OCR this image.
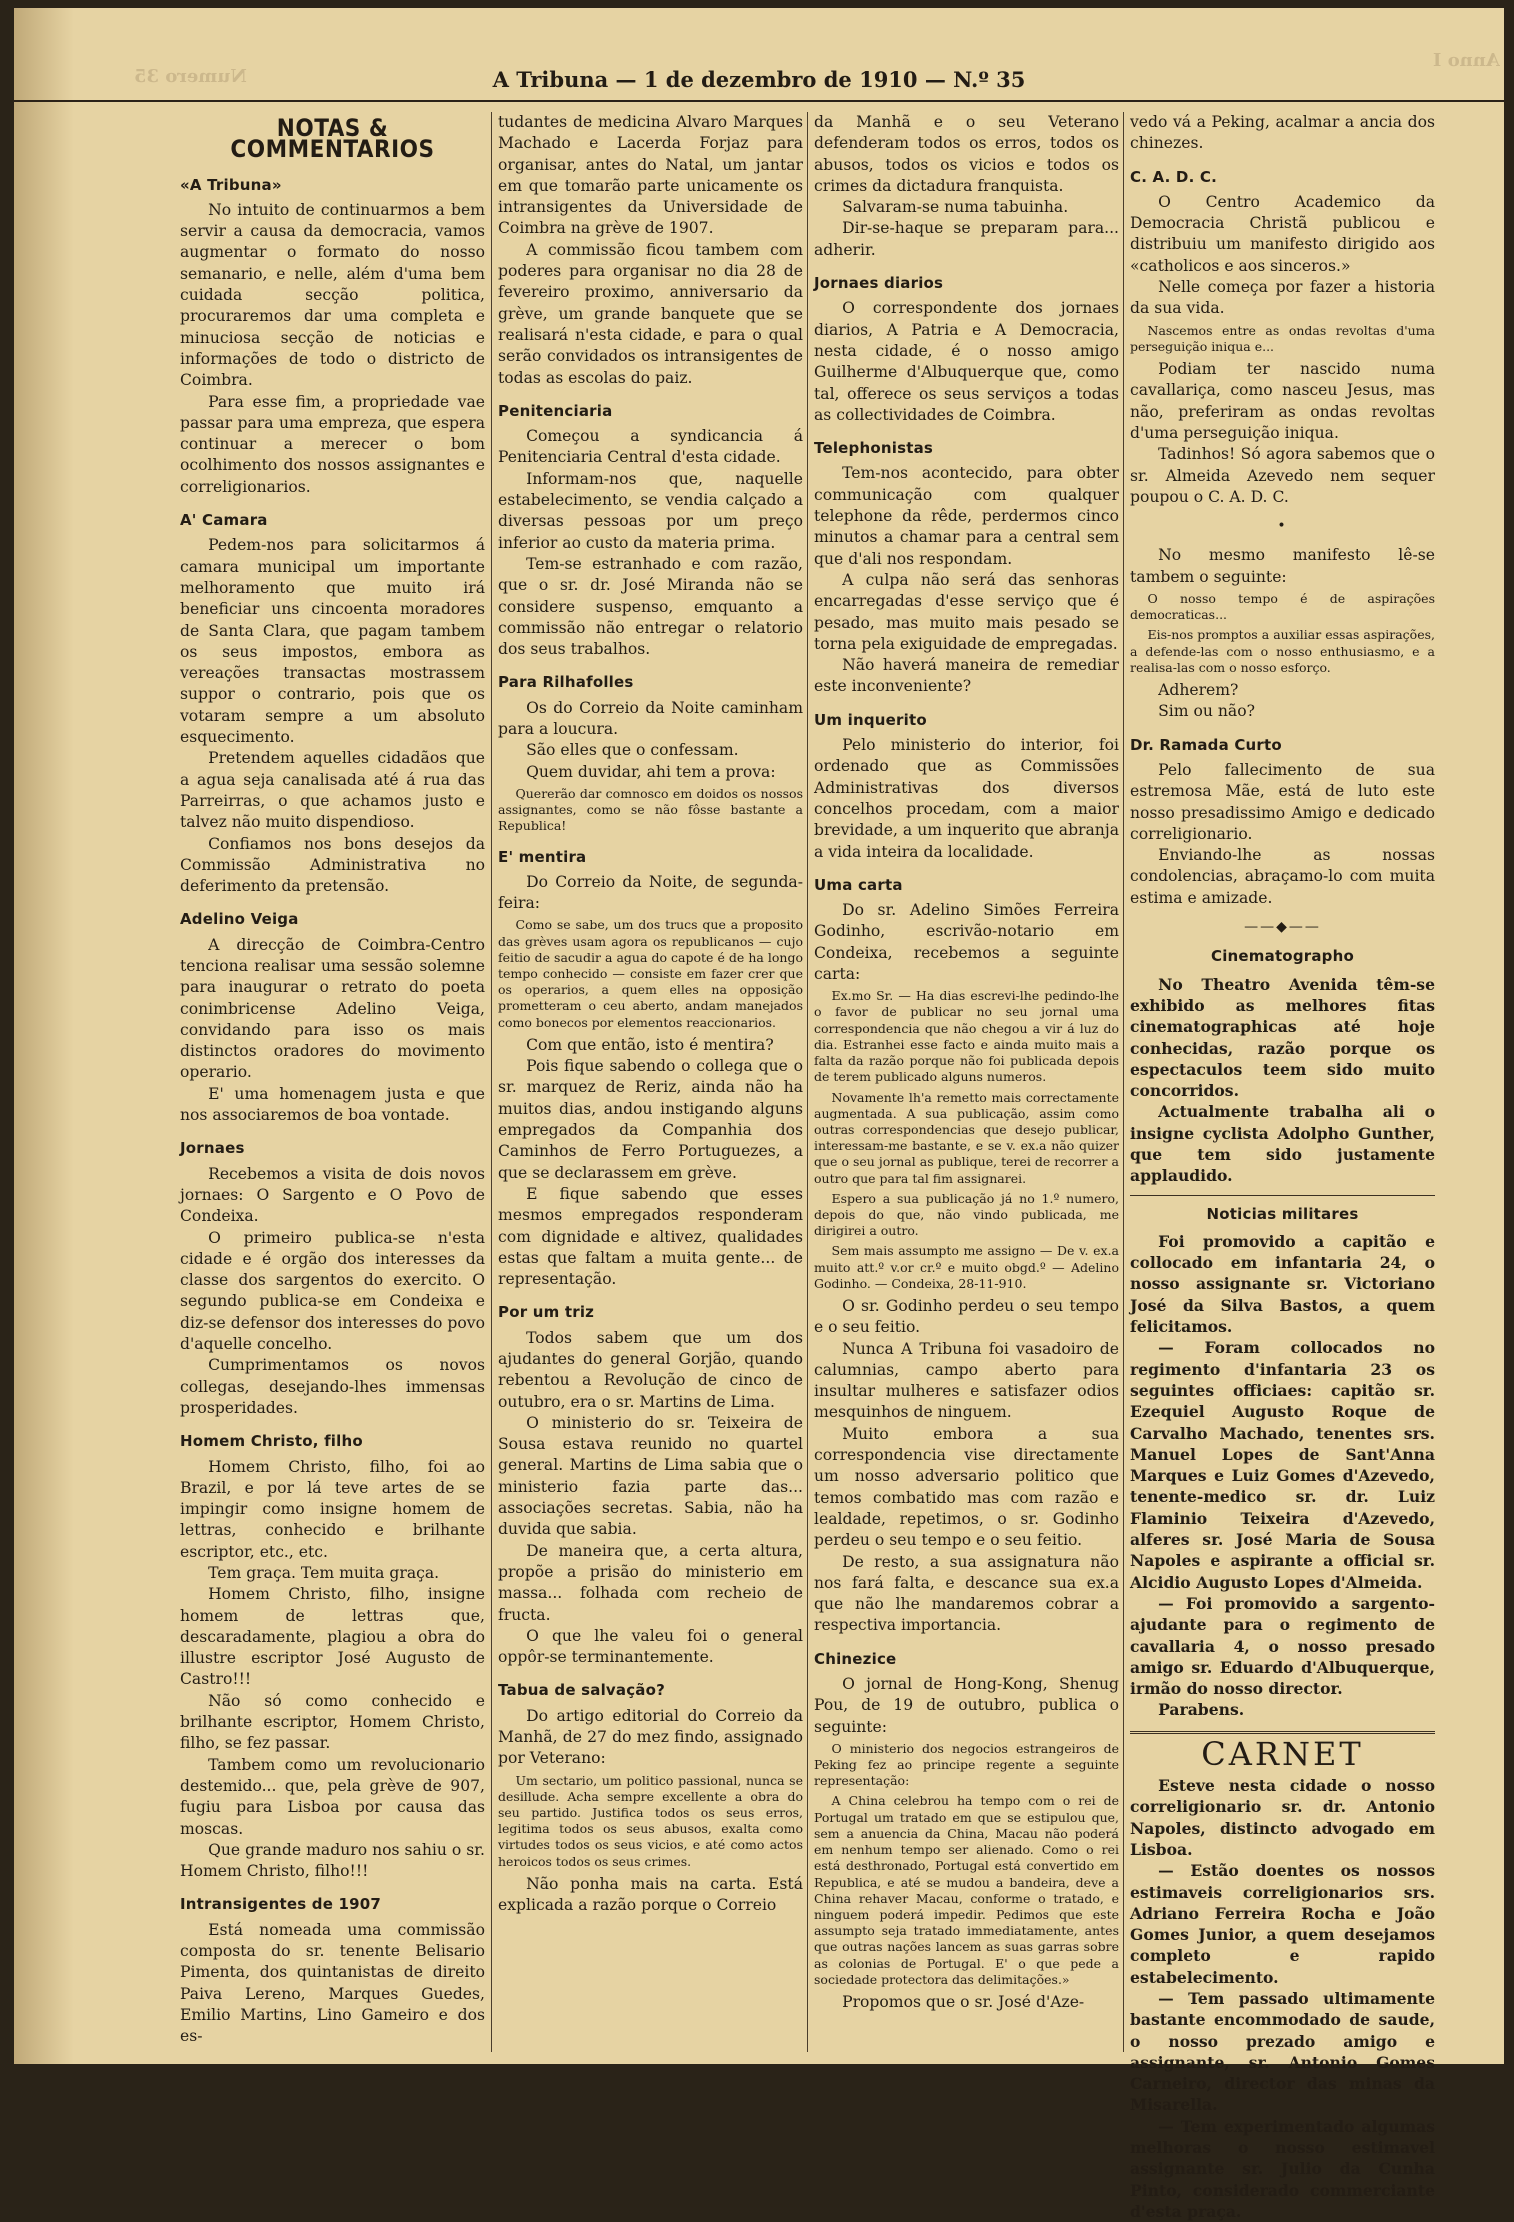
Numero 35
Anno I
A Tribuna — 1 de dezembro de 1910 — N.º 35
NOTAS & COMMENTARIOS
«A Tribuna»

No intuito de continuarmos a bem servir a causa da democracia, vamos augmentar o formato do nosso semanario, e nelle, além d'uma bem cuidada secção politica, procuraremos dar uma completa e minuciosa secção de noticias e informações de todo o districto de Coimbra.

Para esse fim, a propriedade vae passar para uma empreza, que espera continuar a merecer o bom ocolhimento dos nossos assignantes e correligionarios.

A' Camara

Pedem-nos para solicitarmos á camara municipal um importante melhoramento que muito irá beneficiar uns cincoenta moradores de Santa Clara, que pagam tambem os seus impostos, embora as vereações transactas mostrassem suppor o contrario, pois que os votaram sempre a um absoluto esquecimento.

Pretendem aquelles cidadãos que a agua seja canalisada até á rua das Parreirras, o que achamos justo e talvez não muito dispendioso.

Confiamos nos bons desejos da Commissão Administrativa no deferimento da pretensão.

Adelino Veiga

A direcção de Coimbra-Centro tenciona realisar uma sessão solemne para inaugurar o retrato do poeta conimbricense Adelino Veiga, convidando para isso os mais distinctos oradores do movimento operario.

E' uma homenagem justa e que nos associaremos de boa vontade.

Jornaes

Recebemos a visita de dois novos jornaes: O Sargento e O Povo de Condeixa.

O primeiro publica-se n'esta cidade e é orgão dos interesses da classe dos sargentos do exercito. O segundo publica-se em Condeixa e diz-se defensor dos interesses do povo d'aquelle concelho.

Cumprimentamos os novos collegas, desejando-lhes immensas prosperidades.

Homem Christo, filho

Homem Christo, filho, foi ao Brazil, e por lá teve artes de se impingir como insigne homem de lettras, conhecido e brilhante escriptor, etc., etc.

Tem graça. Tem muita graça.

Homem Christo, filho, insigne homem de lettras que, descaradamente, plagiou a obra do illustre escriptor José Augusto de Castro!!!

Não só como conhecido e brilhante escriptor, Homem Christo, filho, se fez passar.

Tambem como um revolucionario destemido... que, pela grève de 907, fugiu para Lisboa por causa das moscas.

Que grande maduro nos sahiu o sr. Homem Christo, filho!!!

Intransigentes de 1907

Está nomeada uma commissão composta do sr. tenente Belisario Pimenta, dos quintanistas de direito Paiva Lereno, Marques Guedes, Emilio Martins, Lino Gameiro e dos es-

tudantes de medicina Alvaro Marques Machado e Lacerda Forjaz para organisar, antes do Natal, um jantar em que tomarão parte unicamente os intransigentes da Universidade de Coimbra na grève de 1907.

A commissão ficou tambem com poderes para organisar no dia 28 de fevereiro proximo, anniversario da grève, um grande banquete que se realisará n'esta cidade, e para o qual serão convidados os intransigentes de todas as escolas do paiz.

Penitenciaria

Começou a syndicancia á Penitenciaria Central d'esta cidade.

Informam-nos que, naquelle estabelecimento, se vendia calçado a diversas pessoas por um preço inferior ao custo da materia prima.

Tem-se estranhado e com razão, que o sr. dr. José Miranda não se considere suspenso, emquanto a commissão não entregar o relatorio dos seus trabalhos.

Para Rilhafolles

Os do Correio da Noite caminham para a loucura.

São elles que o confessam.

Quem duvidar, ahi tem a prova:

Quererão dar comnosco em doidos os nossos assignantes, como se não fôsse bastante a Republica!

E' mentira

Do Correio da Noite, de segunda-feira:

Como se sabe, um dos trucs que a proposito das grèves usam agora os republicanos — cujo feitio de sacudir a agua do capote é de ha longo tempo conhecido — consiste em fazer crer que os operarios, a quem elles na opposição prometteram o ceu aberto, andam manejados como bonecos por elementos reaccionarios.

Com que então, isto é mentira?

Pois fique sabendo o collega que o sr. marquez de Reriz, ainda não ha muitos dias, andou instigando alguns empregados da Companhia dos Caminhos de Ferro Portuguezes, a que se declarassem em grève.

E fique sabendo que esses mesmos empregados responderam com dignidade e altivez, qualidades estas que faltam a muita gente... de representação.

Por um triz

Todos sabem que um dos ajudantes do general Gorjão, quando rebentou a Revolução de cinco de outubro, era o sr. Martins de Lima.

O ministerio do sr. Teixeira de Sousa estava reunido no quartel general. Martins de Lima sabia que o ministerio fazia parte das... associações secretas. Sabia, não ha duvida que sabia.

De maneira que, a certa altura, propõe a prisão do ministerio em massa... folhada com recheio de fructa.

O que lhe valeu foi o general oppôr-se terminantemente.

Tabua de salvação?

Do artigo editorial do Correio da Manhã, de 27 do mez findo, assignado por Veterano:

Um sectario, um politico passional, nunca se desillude. Acha sempre excellente a obra do seu partido. Justifica todos os seus erros, legitima todos os seus abusos, exalta como virtudes todos os seus vicios, e até como actos heroicos todos os seus crimes.

Não ponha mais na carta. Está explicada a razão porque o Correio

da Manhã e o seu Veterano defenderam todos os erros, todos os abusos, todos os vicios e todos os crimes da dictadura franquista.

Salvaram-se numa tabuinha.

Dir-se-haque se preparam para... adherir.

Jornaes diarios

O correspondente dos jornaes diarios, A Patria e A Democracia, nesta cidade, é o nosso amigo Guilherme d'Albuquerque que, como tal, offerece os seus serviços a todas as collectividades de Coimbra.

Telephonistas

Tem-nos acontecido, para obter communicação com qualquer telephone da rêde, perdermos cinco minutos a chamar para a central sem que d'ali nos respondam.

A culpa não será das senhoras encarregadas d'esse serviço que é pesado, mas muito mais pesado se torna pela exiguidade de empregadas.

Não haverá maneira de remediar este inconveniente?

Um inquerito

Pelo ministerio do interior, foi ordenado que as Commissões Administrativas dos diversos concelhos procedam, com a maior brevidade, a um inquerito que abranja a vida inteira da localidade.

Uma carta

Do sr. Adelino Simões Ferreira Godinho, escrivão-notario em Condeixa, recebemos a seguinte carta:

Ex.mo Sr. — Ha dias escrevi-lhe pedindo-lhe o favor de publicar no seu jornal uma correspondencia que não chegou a vir á luz do dia. Estranhei esse facto e ainda muito mais a falta da razão porque não foi publicada depois de terem publicado alguns numeros.

Novamente lh'a remetto mais correctamente augmentada. A sua publicação, assim como outras correspondencias que desejo publicar, interessam-me bastante, e se v. ex.a não quizer que o seu jornal as publique, terei de recorrer a outro que para tal fim assignarei.

Espero a sua publicação já no 1.º numero, depois do que, não vindo publicada, me dirigirei a outro.

Sem mais assumpto me assigno — De v. ex.a muito att.º v.or cr.º e muito obgd.º — Adelino Godinho. — Condeixa, 28-11-910.

O sr. Godinho perdeu o seu tempo e o seu feitio.

Nunca A Tribuna foi vasadoiro de calumnias, campo aberto para insultar mulheres e satisfazer odios mesquinhos de ninguem.

Muito embora a sua correspondencia vise directamente um nosso adversario politico que temos combatido mas com razão e lealdade, repetimos, o sr. Godinho perdeu o seu tempo e o seu feitio.

De resto, a sua assignatura não nos fará falta, e descance sua ex.a que não lhe mandaremos cobrar a respectiva importancia.

Chinezice

O jornal de Hong-Kong, Shenug Pou, de 19 de outubro, publica o seguinte:

O ministerio dos negocios estrangeiros de Peking fez ao principe regente a seguinte representação:

A China celebrou ha tempo com o rei de Portugal um tratado em que se estipulou que, sem a anuencia da China, Macau não poderá em nenhum tempo ser alienado. Como o rei está desthronado, Portugal está convertido em Republica, e até se mudou a bandeira, deve a China rehaver Macau, conforme o tratado, e ninguem poderá impedir. Pedimos que este assumpto seja tratado immediatamente, antes que outras nações lancem as suas garras sobre as colonias de Portugal. E' o que pede a sociedade protectora das delimitações.»

Propomos que o sr. José d'Aze-

vedo vá a Peking, acalmar a ancia dos chinezes.

C. A. D. C.

O Centro Academico da Democracia Christã publicou e distribuiu um manifesto dirigido aos «catholicos e aos sinceros.»

Nelle começa por fazer a historia da sua vida.

Nascemos entre as ondas revoltas d'uma perseguição iniqua e...

Podiam ter nascido numa cavallariça, como nasceu Jesus, mas não, preferiram as ondas revoltas d'uma perseguição iniqua.

Tadinhos! Só agora sabemos que o sr. Almeida Azevedo nem sequer poupou o C. A. D. C.

•

No mesmo manifesto lê-se tambem o seguinte:

O nosso tempo é de aspirações democraticas...

Eis-nos promptos a auxiliar essas aspirações, a defende-las com o nosso enthusiasmo, e a realisa-las com o nosso esforço.

Adherem?

Sim ou não?

Dr. Ramada Curto

Pelo fallecimento de sua estremosa Mãe, está de luto este nosso presadissimo Amigo e dedicado correligionario.

Enviando-lhe as nossas condolencias, abraçamo-lo com muita estima e amizade.

——◆——
Cinematographo

No Theatro Avenida têm-se exhibido as melhores fitas cinematographicas até hoje conhecidas, razão porque os espectaculos teem sido muito concorridos.

Actualmente trabalha ali o insigne cyclista Adolpho Gunther, que tem sido justamente applaudido.

Noticias militares

Foi promovido a capitão e collocado em infantaria 24, o nosso assignante sr. Victoriano José da Silva Bastos, a quem felicitamos.

— Foram collocados no regimento d'infantaria 23 os seguintes officiaes: capitão sr. Ezequiel Augusto Roque de Carvalho Machado, tenentes srs. Manuel Lopes de Sant'Anna Marques e Luiz Gomes d'Azevedo, tenente-medico sr. dr. Luiz Flaminio Teixeira d'Azevedo, alferes sr. José Maria de Sousa Napoles e aspirante a official sr. Alcidio Augusto Lopes d'Almeida.

— Foi promovido a sargento-ajudante para o regimento de cavallaria 4, o nosso presado amigo sr. Eduardo d'Albuquerque, irmão do nosso director.

Parabens.

CARNET

Esteve nesta cidade o nosso correligionario sr. dr. Antonio Napoles, distincto advogado em Lisboa.

— Estão doentes os nossos estimaveis correligionarios srs. Adriano Ferreira Rocha e João Gomes Junior, a quem desejamos completo e rapido estabelecimento.

— Tem passado ultimamente bastante encommodado de saude, o nosso prezado amigo e assignante, sr. Antonio Gomes Carneiro, director das minas da Misarella.

— Tem experimentado algumas melhoras o nosso estimavel assignante sr. Julio da Cunha Pinto, considerado commerciante d'esta praça.
